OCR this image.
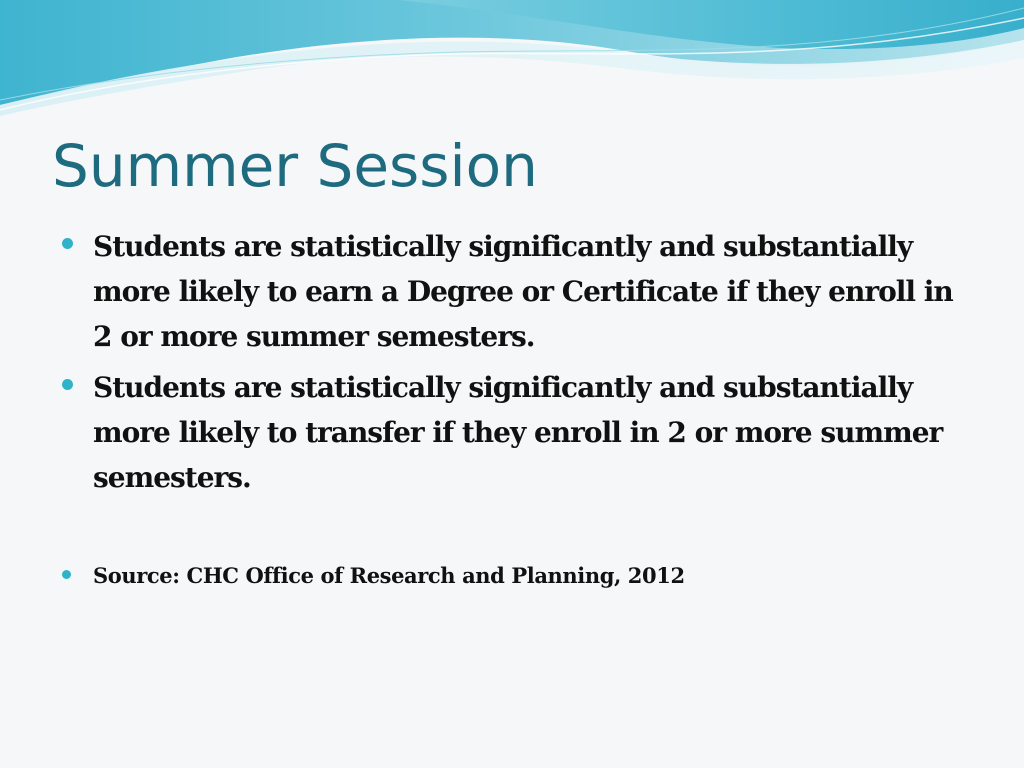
Summer Session
Students are statistically significantly and substantially more likely to earn a Degree or Certificate if they enroll in 2 or more summer semesters.
Students are statistically significantly and substantially more likely to transfer if they enroll in 2 or more summer semesters.
Source: CHC Office of Research and Planning, 2012
